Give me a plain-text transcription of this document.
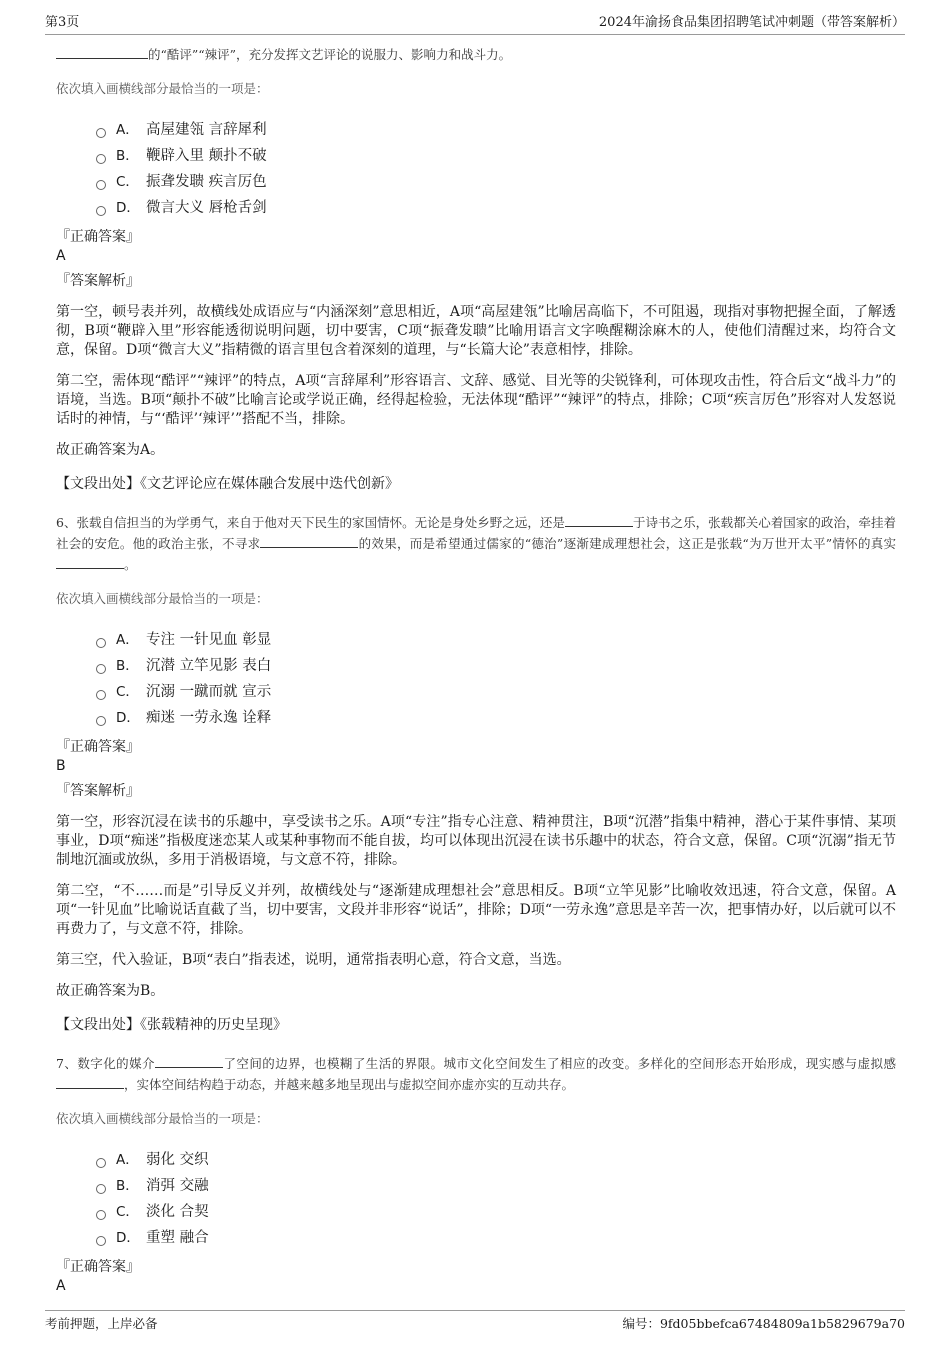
第3页	2024年渝扬食品集团招聘笔试冲刺题（带答案解析）

的“酷评”“辣评”，充分发挥文艺评论的说服力、影响力和战斗力。

依次填入画横线部分最恰当的一项是：

A． 高屋建瓴 言辞犀利
B． 鞭辟入里 颠扑不破
C． 振聋发聩 疾言厉色
D． 微言大义 唇枪舌剑

『正确答案』

A

『答案解析』

第一空，顿号表并列，故横线处成语应与“内涵深刻”意思相近，A项“高屋建瓴”比喻居高临下，不可阻遏，现指对事物把握全面，了解透彻，B项“鞭辟入里”形容能透彻说明问题，切中要害，C项“振聋发聩”比喻用语言文字唤醒糊涂麻木的人，使他们清醒过来，均符合文意，保留。D项“微言大义”指精微的语言里包含着深刻的道理，与“长篇大论”表意相悖，排除。

第二空，需体现“酷评”“辣评”的特点，A项“言辞犀利”形容语言、文辞、感觉、目光等的尖锐锋利，可体现攻击性，符合后文“战斗力”的语境，当选。B项“颠扑不破”比喻言论或学说正确，经得起检验，无法体现“酷评”“辣评”的特点，排除；C项“疾言厉色”形容对人发怒说话时的神情，与“‘酷评’‘辣评’”搭配不当，排除。

故正确答案为A。

【文段出处】《文艺评论应在媒体融合发展中迭代创新》

6、张载自信担当的为学勇气，来自于他对天下民生的家国情怀。无论是身处乡野之远，还是	于诗书之乐，张载都关心着国家的政治，牵挂着社会的安危。他的政治主张，不寻求	的效果，而是希望通过儒家的“德治”逐渐建成理想社会，这正是张载“为万世开太平”情怀的真实。

依次填入画横线部分最恰当的一项是：

A． 专注 一针见血 彰显
B． 沉潜 立竿见影 表白
C． 沉溺 一蹴而就 宣示
D． 痴迷 一劳永逸 诠释

『正确答案』

B

『答案解析』

第一空，形容沉浸在读书的乐趣中，享受读书之乐。A项“专注”指专心注意、精神贯注，B项“沉潜”指集中精神，潜心于某件事情、某项事业，D项“痴迷”指极度迷恋某人或某种事物而不能自拔，均可以体现出沉浸在读书乐趣中的状态，符合文意，保留。C项“沉溺”指无节制地沉湎或放纵，多用于消极语境，与文意不符，排除。

第二空，“不……而是”引导反义并列，故横线处与“逐渐建成理想社会”意思相反。B项“立竿见影”比喻收效迅速，符合文意，保留。A项“一针见血”比喻说话直截了当，切中要害，文段并非形容“说话”，排除；D项“一劳永逸”意思是辛苦一次，把事情办好，以后就可以不再费力了，与文意不符，排除。

第三空，代入验证，B项“表白”指表述，说明，通常指表明心意，符合文意，当选。

故正确答案为B。

【文段出处】《张载精神的历史呈现》

7、数字化的媒介	了空间的边界，也模糊了生活的界限。城市文化空间发生了相应的改变。多样化的空间形态开始形成，现实感与虚拟感，实体空间结构趋于动态，并越来越多地呈现出与虚拟空间亦虚亦实的互动共存。

依次填入画横线部分最恰当的一项是：

A． 弱化 交织
B． 消弭 交融
C． 淡化 合契
D． 重塑 融合

『正确答案』

A

考前押题，上岸必备	编号：9fd05bbefca67484809a1b5829679a70
